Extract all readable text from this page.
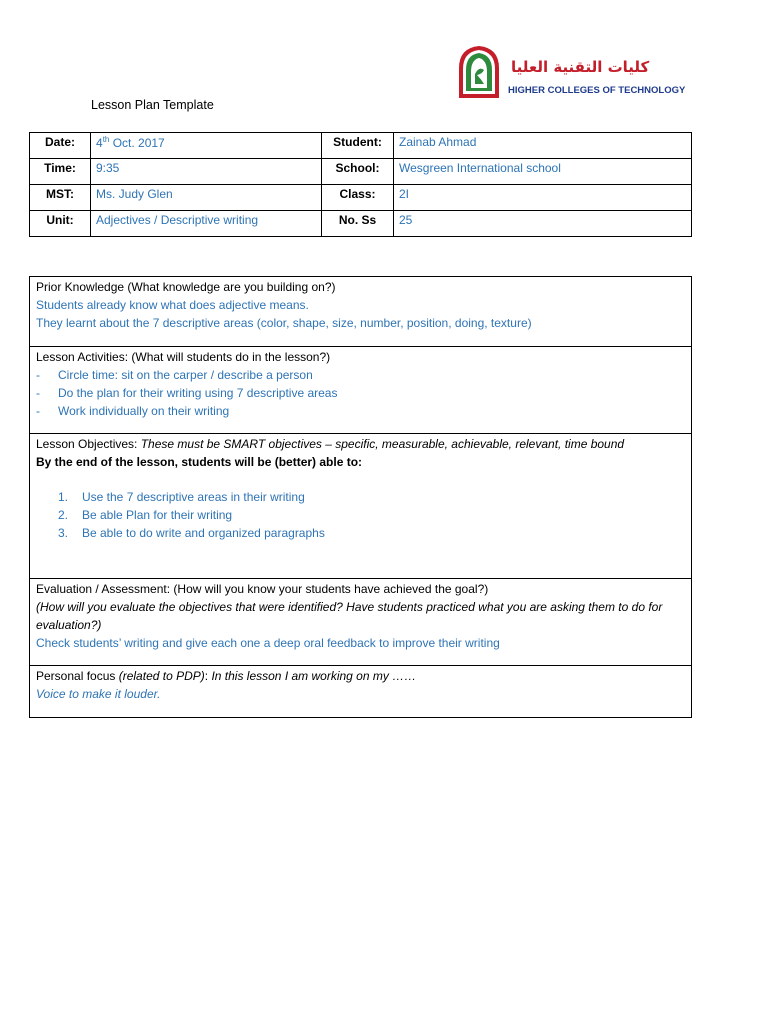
كليات التقنية العليا
HIGHER COLLEGES OF TECHNOLOGY
Lesson Plan Template
Date:	4th Oct. 2017	Student:	Zainab Ahmad
Time:	9:35	School:	Wesgreen International school
MST:	Ms. Judy Glen	Class:	2I
Unit:	Adjectives / Descriptive writing	No. Ss	25
Prior Knowledge (What knowledge are you building on?)
Students already know what does adjective means.
They learnt about the 7 descriptive areas (color, shape, size, number, position, doing, texture)
Lesson Activities: (What will students do in the lesson?)
- Circle time: sit on the carper / describe a person
- Do the plan for their writing using 7 descriptive areas
- Work individually on their writing
Lesson Objectives: These must be SMART objectives – specific, measurable, achievable, relevant, time bound
By the end of the lesson, students will be (better) able to:
1. Use the 7 descriptive areas in their writing
2. Be able Plan for their writing
3. Be able to do write and organized paragraphs
Evaluation / Assessment: (How will you know your students have achieved the goal?)
(How will you evaluate the objectives that were identified? Have students practiced what you are asking them to do for evaluation?)
Check students’ writing and give each one a deep oral feedback to improve their writing
Personal focus (related to PDP): In this lesson I am working on my ……
Voice to make it louder.
